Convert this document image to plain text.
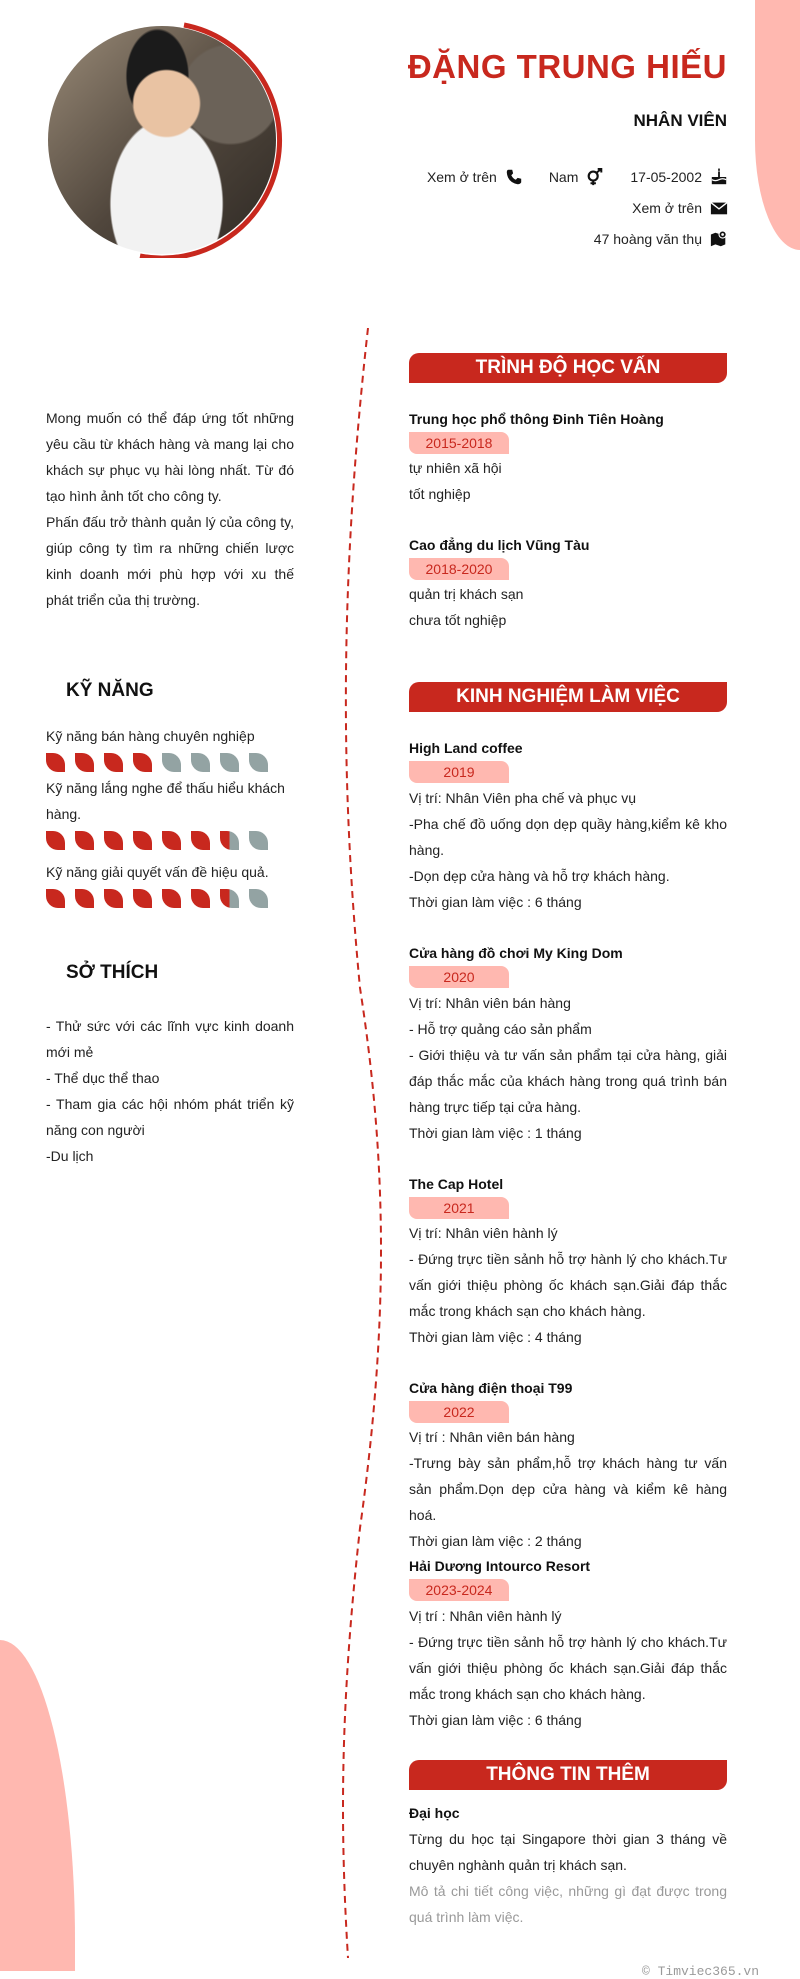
ĐẶNG TRUNG HIẾU
NHÂN VIÊN
Xem ở trên	Nam	17-05-2002
Xem ở trên
47 hoàng văn thụ
Mong muốn có thể đáp ứng tốt những yêu cầu từ khách hàng và mang lại cho khách sự phục vụ hài lòng nhất. Từ đó tạo hình ảnh tốt cho công ty.
Phấn đấu trở thành quản lý của công ty, giúp công ty tìm ra những chiến lược kinh doanh mới phù hợp với xu thế phát triển của thị trường.
KỸ NĂNG
Kỹ năng bán hàng chuyên nghiệp
Kỹ năng lắng nghe để thấu hiểu khách hàng.
Kỹ năng giải quyết vấn đề hiệu quả.
SỞ THÍCH
- Thử sức với các lĩnh vực kinh doanh mới mẻ
- Thể dục thể thao
- Tham gia các hội nhóm phát triển kỹ năng con người
-Du lịch
TRÌNH ĐỘ HỌC VẤN
Trung học phổ thông Đinh Tiên Hoàng
2015-2018
tự nhiên xã hội
tốt nghiệp
Cao đẳng du lịch Vũng Tàu
2018-2020
quản trị khách sạn
chưa tốt nghiệp
KINH NGHIỆM LÀM VIỆC
High Land coffee
2019
Vị trí: Nhân Viên pha chế và phục vụ
-Pha chế đồ uống dọn dẹp quầy hàng,kiểm kê kho hàng.
-Dọn dẹp cửa hàng và hỗ trợ khách hàng.
Thời gian làm việc : 6 tháng
Cửa hàng đồ chơi My King Dom
2020
Vị trí: Nhân viên bán hàng
- Hỗ trợ quảng cáo sản phẩm
- Giới thiệu và tư vấn sản phẩm tại cửa hàng, giải đáp thắc mắc của khách hàng trong quá trình bán hàng trực tiếp tại cửa hàng.
Thời gian làm việc : 1 tháng
The Cap Hotel
2021
Vị trí: Nhân viên hành lý
- Đứng trực tiền sảnh hỗ trợ hành lý cho khách.Tư vấn giới thiệu phòng ốc khách sạn.Giải đáp thắc mắc trong khách sạn cho khách hàng.
Thời gian làm việc : 4 tháng
Cửa hàng điện thoại T99
2022
Vị trí : Nhân viên bán hàng
-Trưng bày sản phẩm,hỗ trợ khách hàng tư vấn sản phẩm.Dọn dẹp cửa hàng và kiểm kê hàng hoá.
Thời gian làm việc : 2 tháng
Hải Dương Intourco Resort
2023-2024
Vị trí : Nhân viên hành lý
- Đứng trực tiền sảnh hỗ trợ hành lý cho khách.Tư vấn giới thiệu phòng ốc khách sạn.Giải đáp thắc mắc trong khách sạn cho khách hàng.
Thời gian làm việc : 6 tháng
THÔNG TIN THÊM
Đại học
Từng du học tại Singapore thời gian 3 tháng về chuyên nghành quản trị khách sạn.
Mô tả chi tiết công việc, những gì đạt được trong quá trình làm việc.
© Timviec365.vn
